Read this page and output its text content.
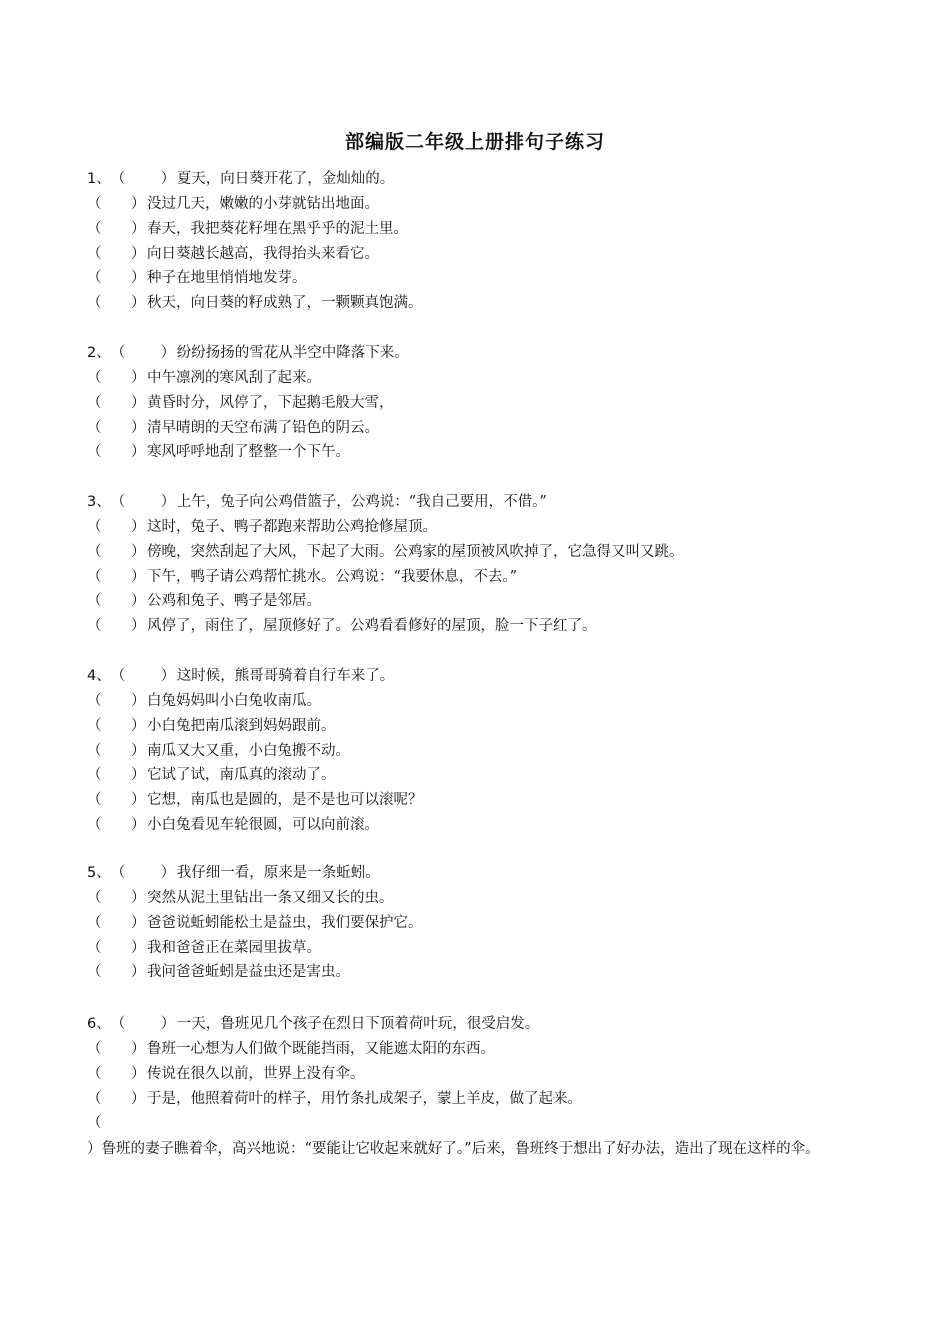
部编版二年级上册排句子练习
1、（ ） 夏天，向日葵开花了，金灿灿的。
（ ） 没过几天，嫩嫩的小芽就钻出地面。
（ ） 春天，我把葵花籽埋在黑乎乎的泥土里。
（ ） 向日葵越长越高，我得抬头来看它。
（ ） 种子在地里悄悄地发芽。
（ ） 秋天，向日葵的籽成熟了，一颗颗真饱满。
2、（ ） 纷纷扬扬的雪花从半空中降落下来。
（ ） 中午凛冽的寒风刮了起来。
（ ） 黄昏时分，风停了，下起鹅毛般大雪，
（ ） 清早晴朗的天空布满了铅色的阴云。
（ ） 寒风呼呼地刮了整整一个下午。
3、（ ） 上午，兔子向公鸡借篮子，公鸡说：“我自己要用，不借。”
（ ） 这时，兔子、鸭子都跑来帮助公鸡抢修屋顶。
（ ） 傍晚，突然刮起了大风，下起了大雨。公鸡家的屋顶被风吹掉了，它急得又叫又跳。
（ ） 下午，鸭子请公鸡帮忙挑水。公鸡说：“我要休息，不去。”
（ ） 公鸡和兔子、鸭子是邻居。
（ ） 风停了，雨住了，屋顶修好了。公鸡看看修好的屋顶，脸一下子红了。
4、（ ） 这时候，熊哥哥骑着自行车来了。
（ ） 白兔妈妈叫小白兔收南瓜。
（ ） 小白兔把南瓜滚到妈妈跟前。
（ ） 南瓜又大又重，小白兔搬不动。
（ ） 它试了试，南瓜真的滚动了。
（ ） 它想，南瓜也是圆的，是不是也可以滚呢？
（ ） 小白兔看见车轮很圆，可以向前滚。
5、（ ） 我仔细一看，原来是一条蚯蚓。
（ ） 突然从泥土里钻出一条又细又长的虫。
（ ） 爸爸说蚯蚓能松土是益虫，我们要保护它。
（ ） 我和爸爸正在菜园里拔草。
（ ） 我问爸爸蚯蚓是益虫还是害虫。
6、（ ） 一天，鲁班见几个孩子在烈日下顶着荷叶玩，很受启发。
（ ） 鲁班一心想为人们做个既能挡雨，又能遮太阳的东西。
（ ） 传说在很久以前，世界上没有伞。
（ ） 于是，他照着荷叶的样子，用竹条扎成架子，蒙上羊皮，做了起来。
（
）鲁班的妻子瞧着伞，高兴地说：“要能让它收起来就好了。”后来，鲁班终于想出了好办法，造出了现在这样的伞。
